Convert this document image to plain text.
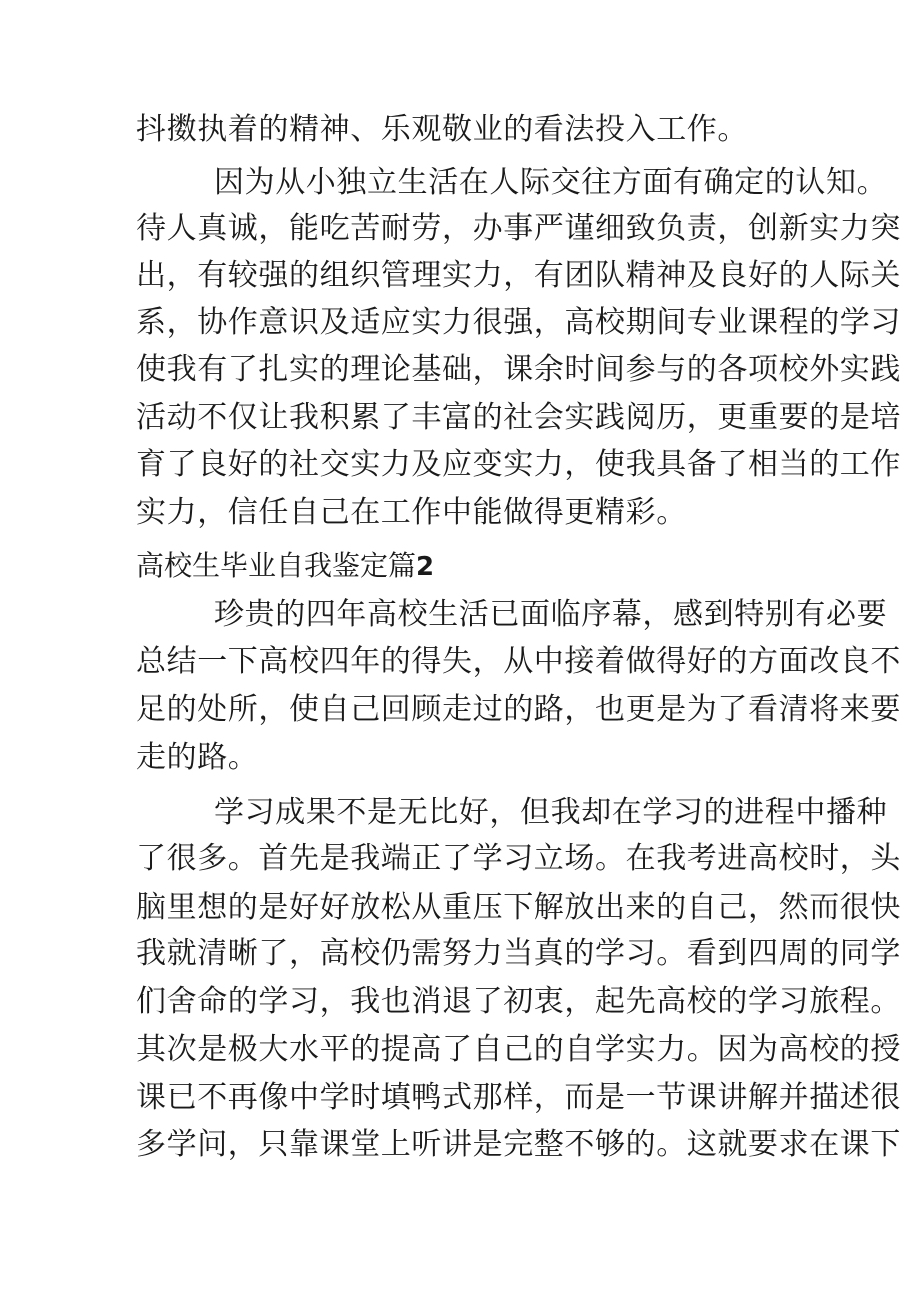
抖擞执着的精神、乐观敬业的看法投入工作。
因为从小独立生活在人际交往方面有确定的认知。
待人真诚，能吃苦耐劳，办事严谨细致负责，创新实力突
出，有较强的组织管理实力，有团队精神及良好的人际关
系，协作意识及适应实力很强，高校期间专业课程的学习
使我有了扎实的理论基础，课余时间参与的各项校外实践
活动不仅让我积累了丰富的社会实践阅历，更重要的是培
育了良好的社交实力及应变实力，使我具备了相当的工作
实力，信任自己在工作中能做得更精彩。
高校生毕业自我鉴定篇2
珍贵的四年高校生活已面临序幕，感到特别有必要
总结一下高校四年的得失，从中接着做得好的方面改良不
足的处所，使自己回顾走过的路，也更是为了看清将来要
走的路。
学习成果不是无比好，但我却在学习的进程中播种
了很多。首先是我端正了学习立场。在我考进高校时，头
脑里想的是好好放松从重压下解放出来的自己，然而很快
我就清晰了，高校仍需努力当真的学习。看到四周的同学
们舍命的学习，我也消退了初衷，起先高校的学习旅程。
其次是极大水平的提高了自己的自学实力。因为高校的授
课已不再像中学时填鸭式那样，而是一节课讲解并描述很
多学问，只靠课堂上听讲是完整不够的。这就要求在课下
